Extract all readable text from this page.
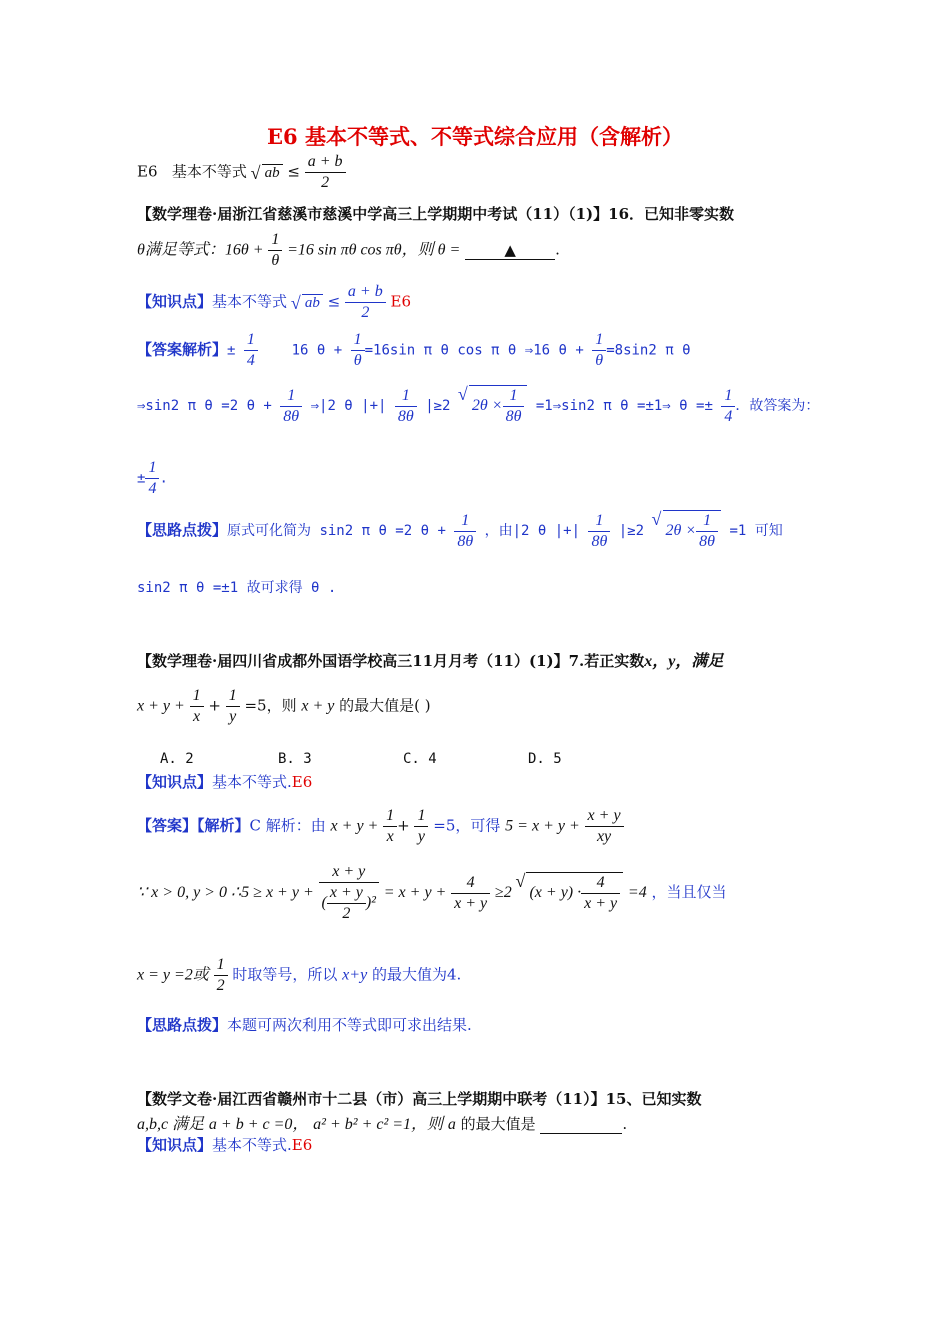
E6 基本不等式、不等式综合应用（含解析）
E6 基本不等式 √ ab ≤ $\frac{a + b}{2}$
【数学理卷·届浙江省慈溪市慈溪中学高三上学期期中考试（11）（1)】16．已知非零实数
θ满足等式：$16\theta + \frac{1}{\theta} =16$ sin πθ cos πθ，则 θ =	▲	.
【知识点】基本不等式 √ ab ≤ $\frac{a + b}{2} E6$
【答案解析】± $\frac{1}{4} 16$ $\theta + \frac{1}{\theta} =16\sin$ π θ cos π θ ⇒16 $\theta + \frac{1}{\theta} =8\sin 2$ π θ
⇒sin2 π θ =2 $\theta + \frac{1}{8\theta}$ ⇒|2 θ |+| $\frac{1}{8\theta} |\ge 2$ √ $2\theta \times \frac{1}{8\theta}$ =1⇒sin2 π θ =±1⇒ $\theta =\pm \frac{1}{4}$ ．故答案为：
± $\frac{1}{4}$ .
【思路点拨】原式可化简为 sin2 π θ =2 $\theta + \frac{1}{8\theta}$ ，由|2 θ |+| $\frac{1}{8\theta} |\ge 2$ √ $2\theta \times \frac{1}{8\theta} =1$ 可知
sin2 π θ =±1 故可求得 θ .
【数学理卷·届四川省成都外国语学校高三11月月考（11）(1)】7.若正实数x，y，满足
$x + y + \frac{1}{x} + \frac{1}{y} =5$，则 x + y 的最大值是( )
A. 2	B. 3	C. 4	D. 5
【知识点】基本不等式.E6
【答案】【解析】C 解析：由 $x + y + \frac{1}{x} + \frac{1}{y} =5$，可得 $5 = x + y + \frac{x + y}{xy}$
∵ x > 0, y > 0 ∴5 ≥ $x + y + \frac{x + y}{( \frac{x + y}{2} )^2} = x + y + \frac{4}{x + y} \ge 2$ √ $(x + y) \cdot \frac{4}{x + y} =4$ ，当且仅当
x = y =2或 $\frac{1}{2}$ 时取等号，所以 x+y 的最大值为4.
【思路点拨】本题可两次利用不等式即可求出结果.
【数学文卷·届江西省赣州市十二县（市）高三上学期期中联考（11）】15、已知实数
a,b,c 满足 a + b + c =0， a² + b² + c² =1，则 a 的最大值是	.
【知识点】基本不等式.E6
